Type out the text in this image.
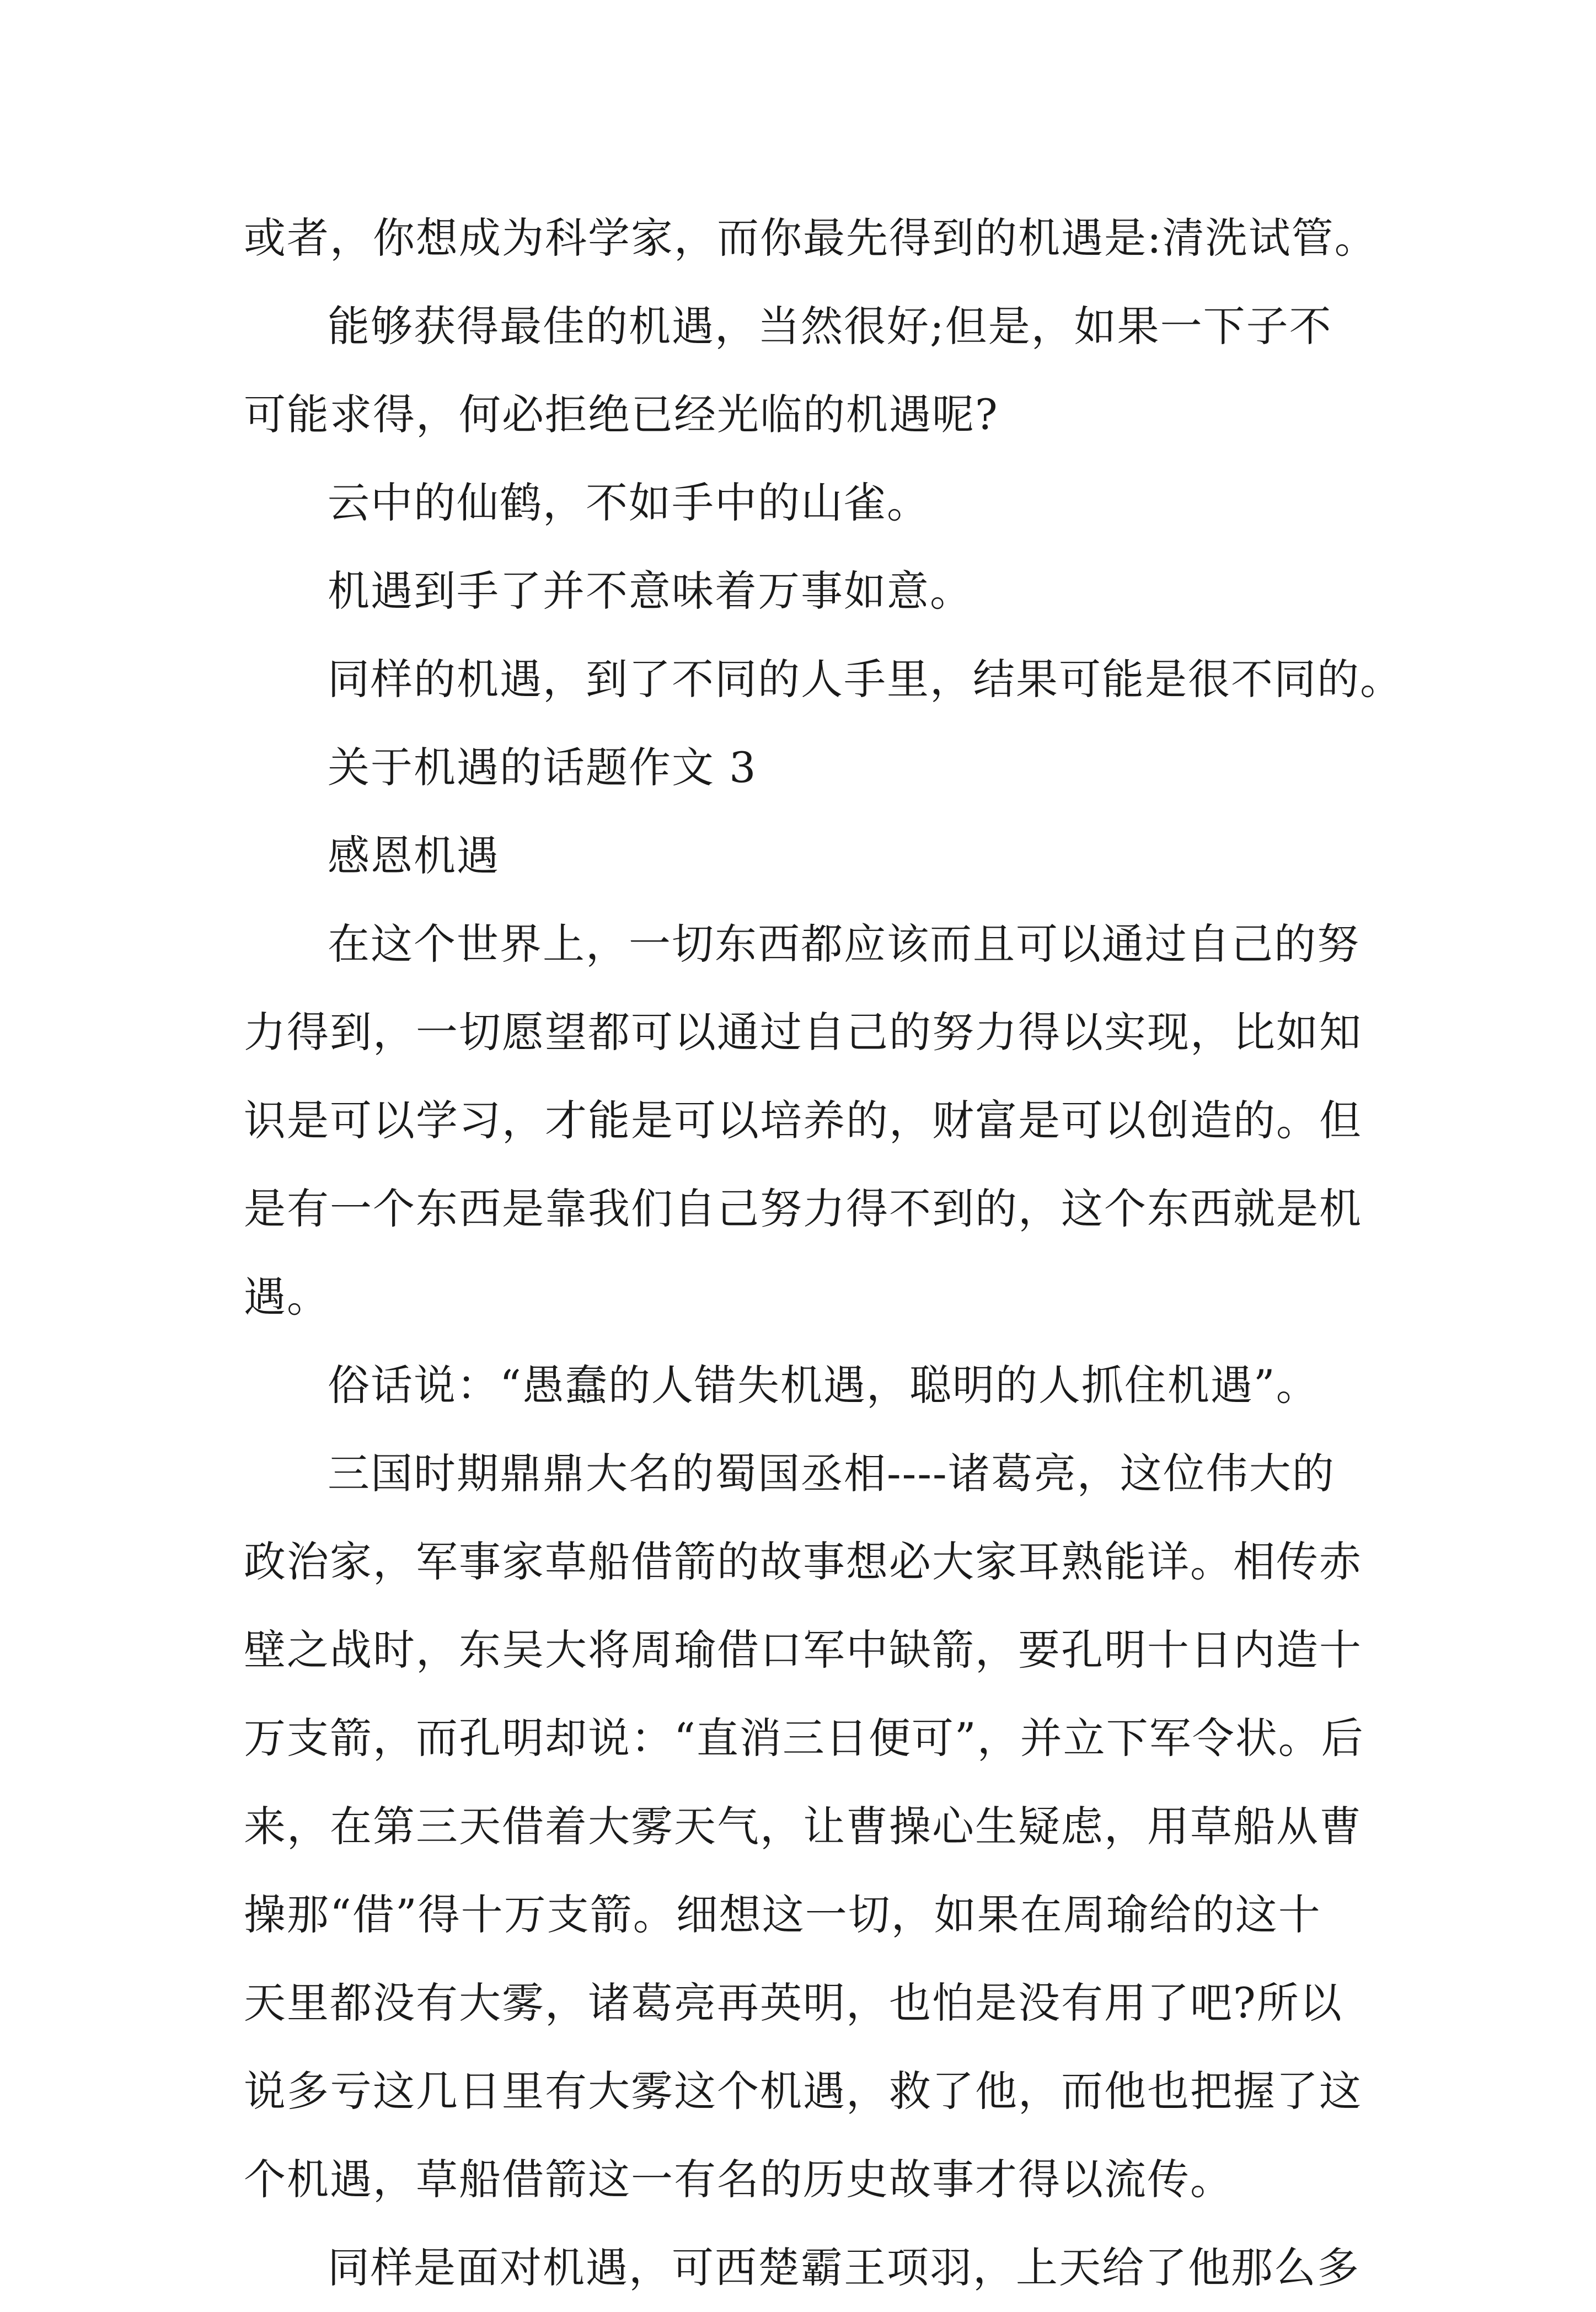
或者，你想成为科学家，而你最先得到的机遇是:清洗试管。

能够获得最佳的机遇，当然很好;但是，如果一下子不

可能求得，何必拒绝已经光临的机遇呢?

云中的仙鹤，不如手中的山雀。

机遇到手了并不意味着万事如意。

同样的机遇，到了不同的人手里，结果可能是很不同的。

关于机遇的话题作文 3

感恩机遇

在这个世界上，一切东西都应该而且可以通过自己的努

力得到，一切愿望都可以通过自己的努力得以实现，比如知
识是可以学习，才能是可以培养的，财富是可以创造的。但
是有一个东西是靠我们自己努力得不到的，这个东西就是机
遇。

俗话说：“愚蠢的人错失机遇，聪明的人抓住机遇”。

三国时期鼎鼎大名的蜀国丞相----诸葛亮，这位伟大的

政治家，军事家草船借箭的故事想必大家耳熟能详。相传赤
壁之战时，东吴大将周瑜借口军中缺箭，要孔明十日内造十
万支箭，而孔明却说：“直消三日便可”，并立下军令状。后
来，在第三天借着大雾天气，让曹操心生疑虑，用草船从曹
操那“借”得十万支箭。细想这一切，如果在周瑜给的这十
天里都没有大雾，诸葛亮再英明，也怕是没有用了吧?所以
说多亏这几日里有大雾这个机遇，救了他，而他也把握了这
个机遇，草船借箭这一有名的历史故事才得以流传。

同样是面对机遇，可西楚霸王项羽，上天给了他那么多
